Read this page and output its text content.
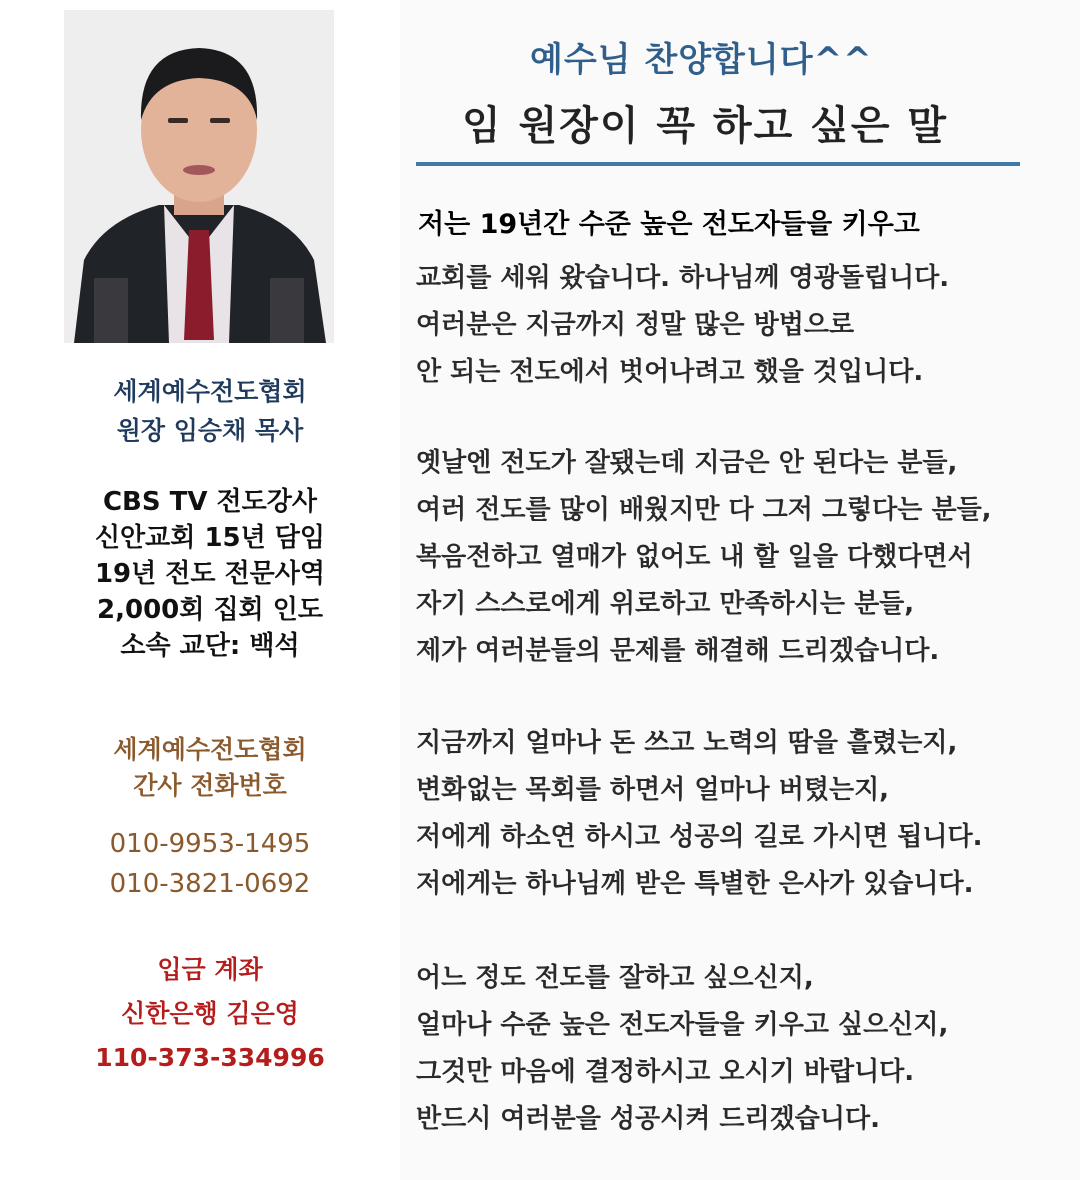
세계예수전도협회
원장 임승채 목사
CBS TV 전도강사
신안교회 15년 담임
19년 전도 전문사역
2,000회 집회 인도
소속 교단: 백석
세계예수전도협회
간사 전화번호
010-9953-1495
010-3821-0692
입금 계좌
신한은행 김은영
110-373-334996
예수님 찬양합니다^^
임 원장이 꼭 하고 싶은 말
저는 19년간 수준 높은 전도자들을 키우고
교회를 세워 왔습니다. 하나님께 영광돌립니다.
여러분은 지금까지 정말 많은 방법으로
안 되는 전도에서 벗어나려고 했을 것입니다.
옛날엔 전도가 잘됐는데 지금은 안 된다는 분들,
여러 전도를 많이 배웠지만 다 그저 그렇다는 분들,
복음전하고 열매가 없어도 내 할 일을 다했다면서
자기 스스로에게 위로하고 만족하시는 분들,
제가 여러분들의 문제를 해결해 드리겠습니다.
지금까지 얼마나 돈 쓰고 노력의 땀을 흘렸는지,
변화없는 목회를 하면서 얼마나 버텼는지,
저에게 하소연 하시고 성공의 길로 가시면 됩니다.
저에게는 하나님께 받은 특별한 은사가 있습니다.
어느 정도 전도를 잘하고 싶으신지,
얼마나 수준 높은 전도자들을 키우고 싶으신지,
그것만 마음에 결정하시고 오시기 바랍니다.
반드시 여러분을 성공시켜 드리겠습니다.
